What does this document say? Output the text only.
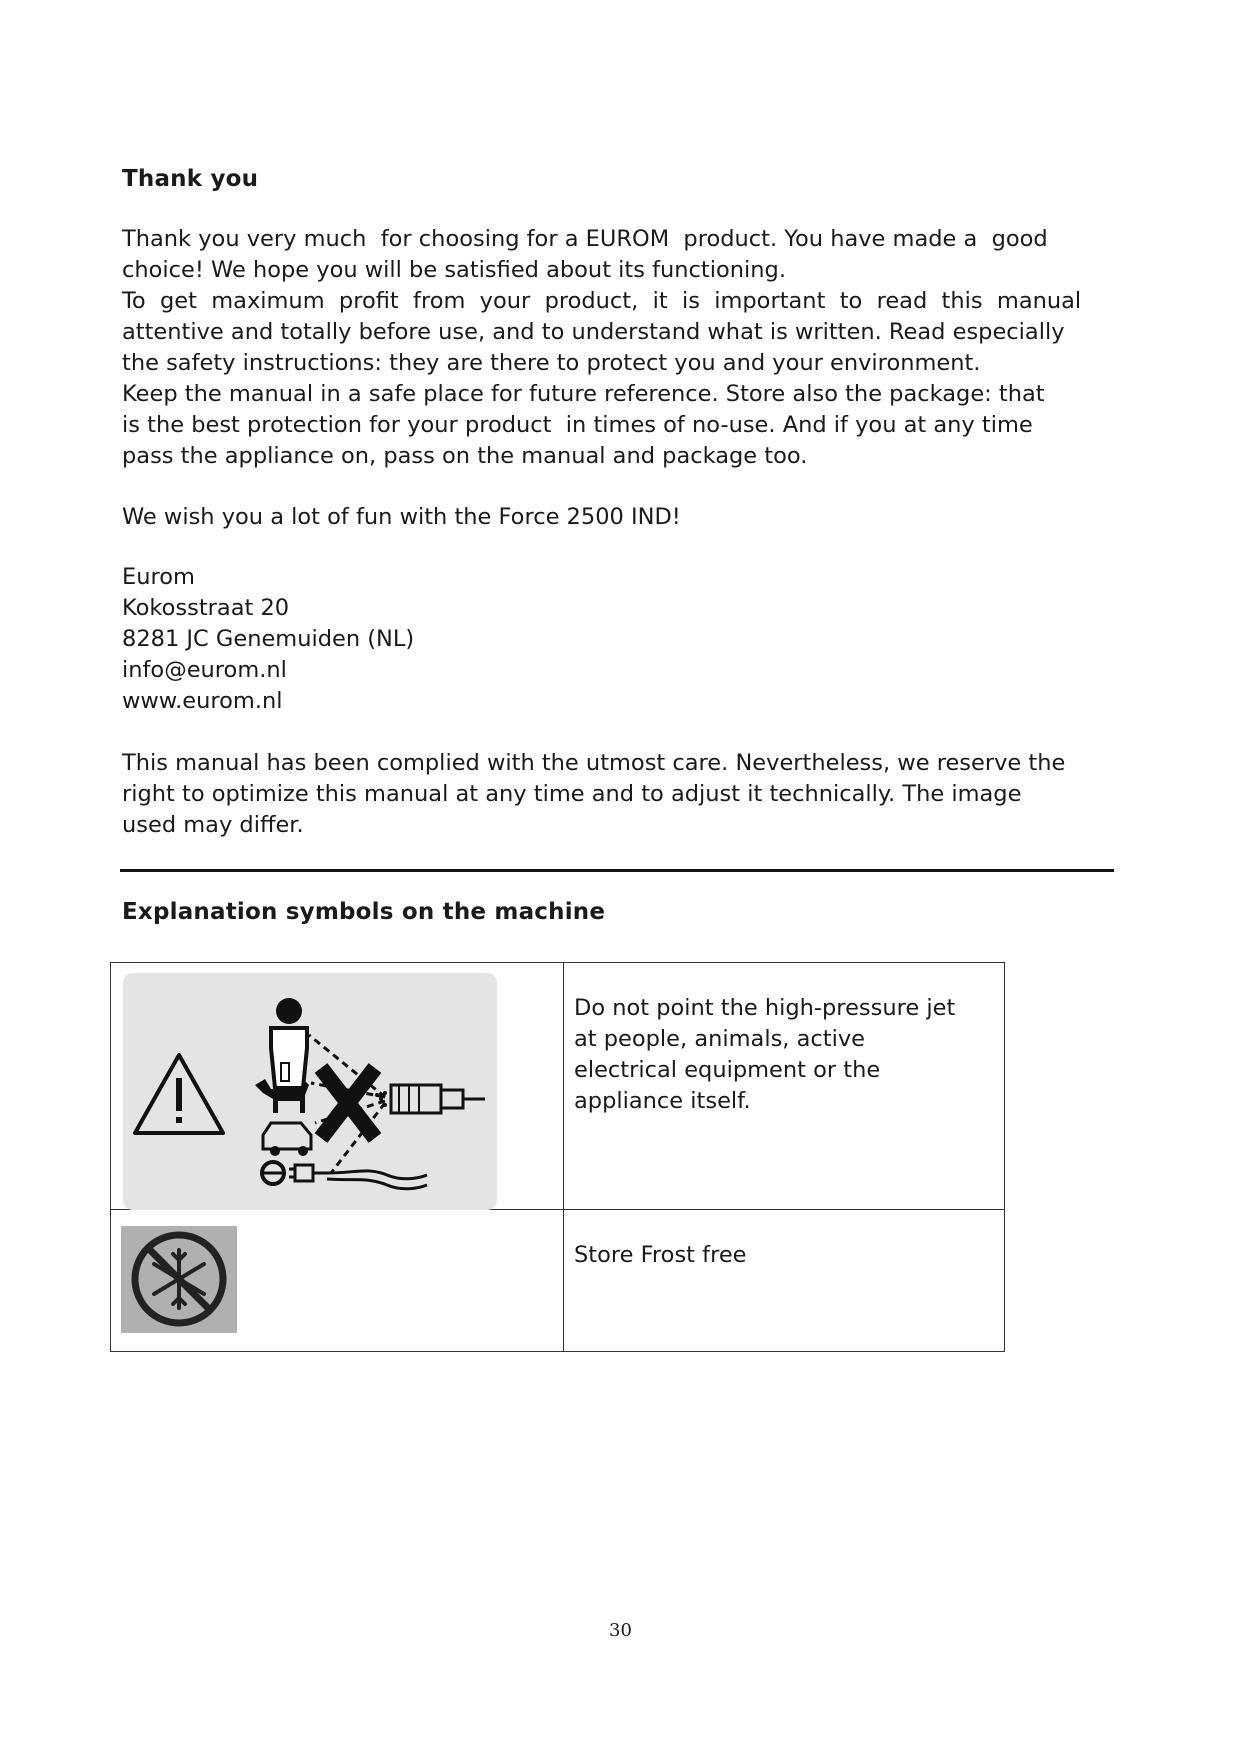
Thank you
Thank you very much  for choosing for a EUROM  product. You have made a  good
choice! We hope you will be satisfied about its functioning.
To  get  maximum  profit  from  your  product,  it  is  important  to  read  this  manual
attentive and totally before use, and to understand what is written. Read especially
the safety instructions: they are there to protect you and your environment.
Keep the manual in a safe place for future reference. Store also the package: that
is the best protection for your product  in times of no-use. And if you at any time
pass the appliance on, pass on the manual and package too.
We wish you a lot of fun with the Force 2500 IND!
Eurom
Kokosstraat 20
8281 JC Genemuiden (NL)
info@eurom.nl
www.eurom.nl
This manual has been complied with the utmost care. Nevertheless, we reserve the
right to optimize this manual at any time and to adjust it technically. The image
used may differ.
Explanation symbols on the machine

Do not point the high-pressure jet
at people, animals, active
electrical equipment or the
appliance itself.

Store Frost free
30
